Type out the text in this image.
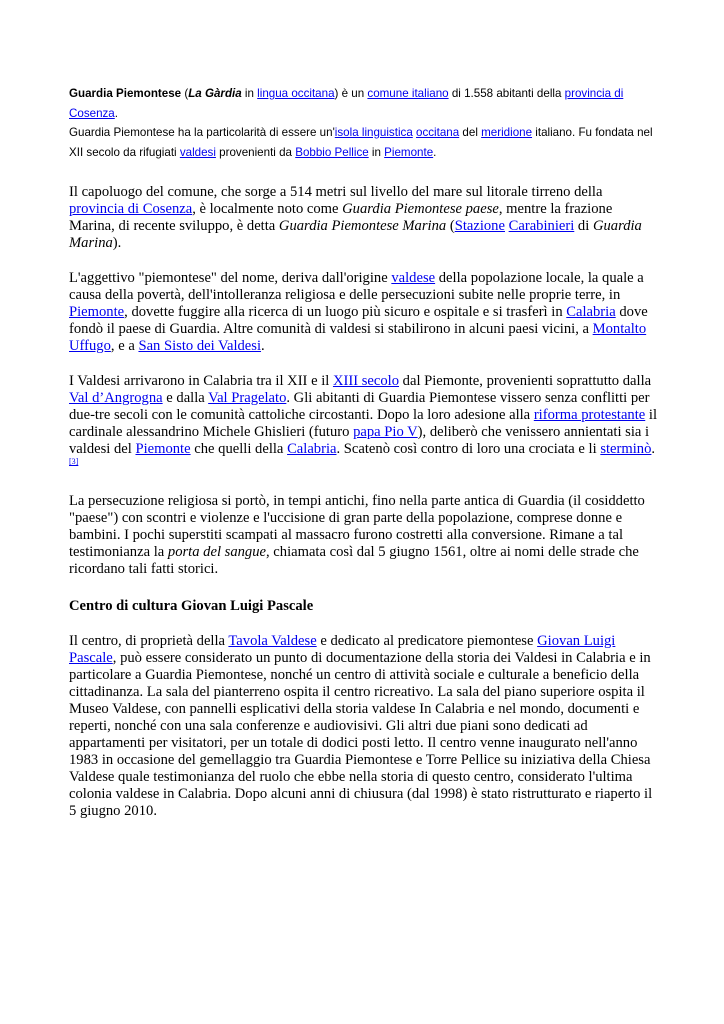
Guardia Piemontese (La Gàrdia in lingua occitana) è un comune italiano di 1.558 abitanti della provincia di Cosenza.

Guardia Piemontese ha la particolarità di essere un'isola linguistica occitana del meridione italiano. Fu fondata nel XII secolo da rifugiati valdesi provenienti da Bobbio Pellice in Piemonte.

Il capoluogo del comune, che sorge a 514 metri sul livello del mare sul litorale tirreno della provincia di Cosenza, è localmente noto come Guardia Piemontese paese, mentre la frazione Marina, di recente sviluppo, è detta Guardia Piemontese Marina (Stazione Carabinieri di Guardia Marina).

L'aggettivo "piemontese" del nome, deriva dall'origine valdese della popolazione locale, la quale a causa della povertà, dell'intolleranza religiosa e delle persecuzioni subite nelle proprie terre, in Piemonte, dovette fuggire alla ricerca di un luogo più sicuro e ospitale e si trasferì in Calabria dove fondò il paese di Guardia. Altre comunità di valdesi si stabilirono in alcuni paesi vicini, a Montalto Uffugo, e a San Sisto dei Valdesi.

I Valdesi arrivarono in Calabria tra il XII e il XIII secolo dal Piemonte, provenienti soprattutto dalla Val d’Angrogna e dalla Val Pragelato. Gli abitanti di Guardia Piemontese vissero senza conflitti per due-tre secoli con le comunità cattoliche circostanti. Dopo la loro adesione alla riforma protestante il cardinale alessandrino Michele Ghislieri (futuro papa Pio V), deliberò che venissero annientati sia i valdesi del Piemonte che quelli della Calabria. Scatenò così contro di loro una crociata e li sterminò.[3]

La persecuzione religiosa si portò, in tempi antichi, fino nella parte antica di Guardia (il cosiddetto "paese") con scontri e violenze e l'uccisione di gran parte della popolazione, comprese donne e bambini. I pochi superstiti scampati al massacro furono costretti alla conversione. Rimane a tal testimonianza la porta del sangue, chiamata così dal 5 giugno 1561, oltre ai nomi delle strade che ricordano tali fatti storici.

Centro di cultura Giovan Luigi Pascale

Il centro, di proprietà della Tavola Valdese e dedicato al predicatore piemontese Giovan Luigi Pascale, può essere considerato un punto di documentazione della storia dei Valdesi in Calabria e in particolare a Guardia Piemontese, nonché un centro di attività sociale e culturale a beneficio della cittadinanza. La sala del pianterreno ospita il centro ricreativo. La sala del piano superiore ospita il Museo Valdese, con pannelli esplicativi della storia valdese In Calabria e nel mondo, documenti e reperti, nonché con una sala conferenze e audiovisivi. Gli altri due piani sono dedicati ad appartamenti per visitatori, per un totale di dodici posti letto. Il centro venne inaugurato nell'anno 1983 in occasione del gemellaggio tra Guardia Piemontese e Torre Pellice su iniziativa della Chiesa Valdese quale testimonianza del ruolo che ebbe nella storia di questo centro, considerato l'ultima colonia valdese in Calabria. Dopo alcuni anni di chiusura (dal 1998) è stato ristrutturato e riaperto il 5 giugno 2010.
